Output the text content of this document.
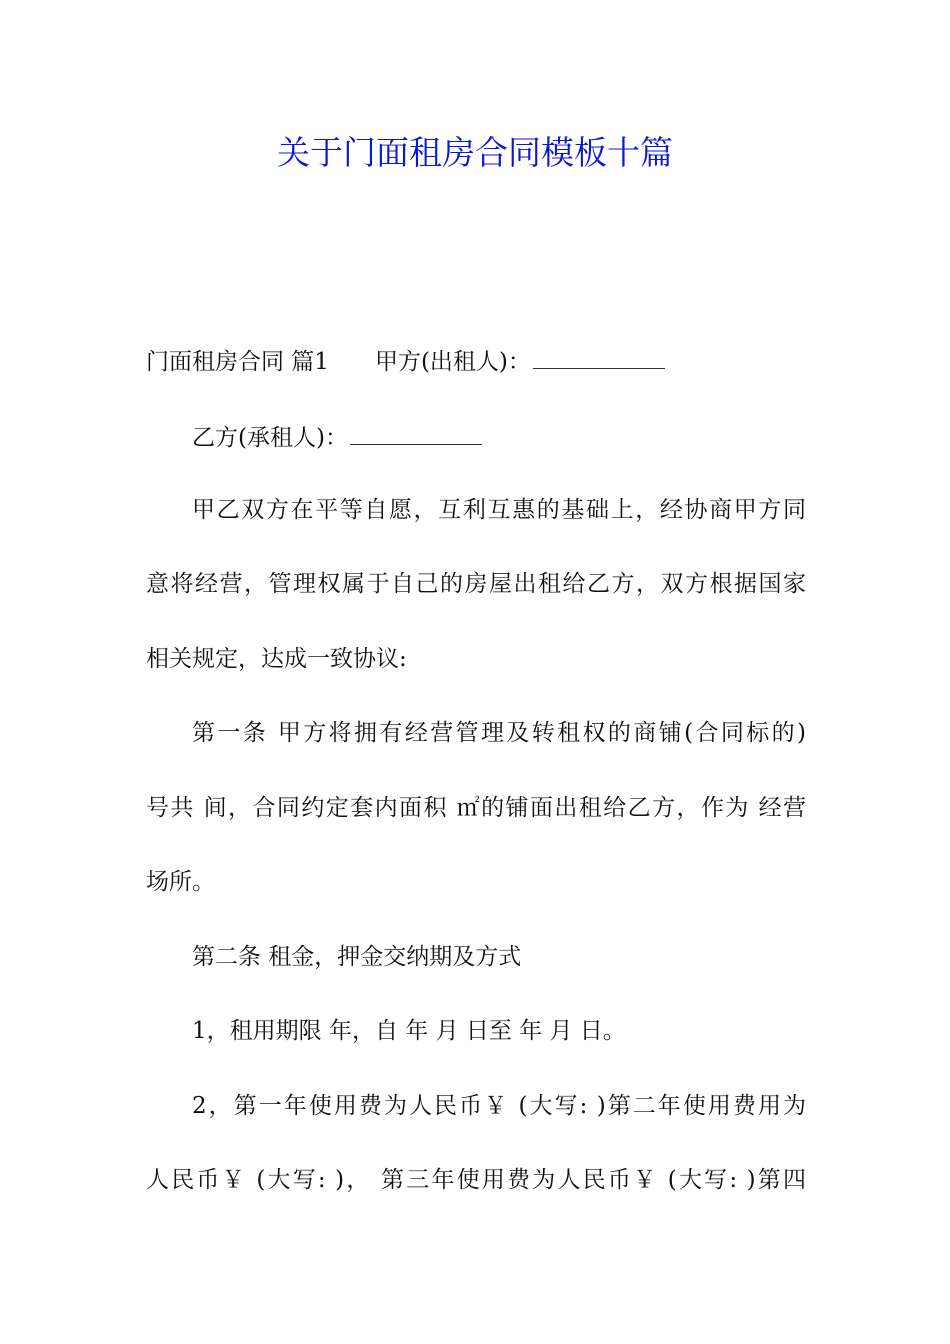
关于门面租房合同模板十篇
门面租房合同 篇1 甲方(出租人)：
乙方(承租人)：
甲乙双方在平等自愿，互利互惠的基础上，经协商甲方同
意将经营，管理权属于自己的房屋出租给乙方，双方根据国家
相关规定，达成一致协议:
第一条 甲方将拥有经营管理及转租权的商铺(合同标的)
号共 间，合同约定套内面积 ㎡的铺面出租给乙方，作为 经营
场所。
第二条 租金，押金交纳期及方式
1，租用期限 年，自 年 月 日至 年 月 日。
2，第一年使用费为人民币￥ (大写: )第二年使用费用为
人民币￥ (大写: )， 第三年使用费为人民币￥ (大写: )第四
